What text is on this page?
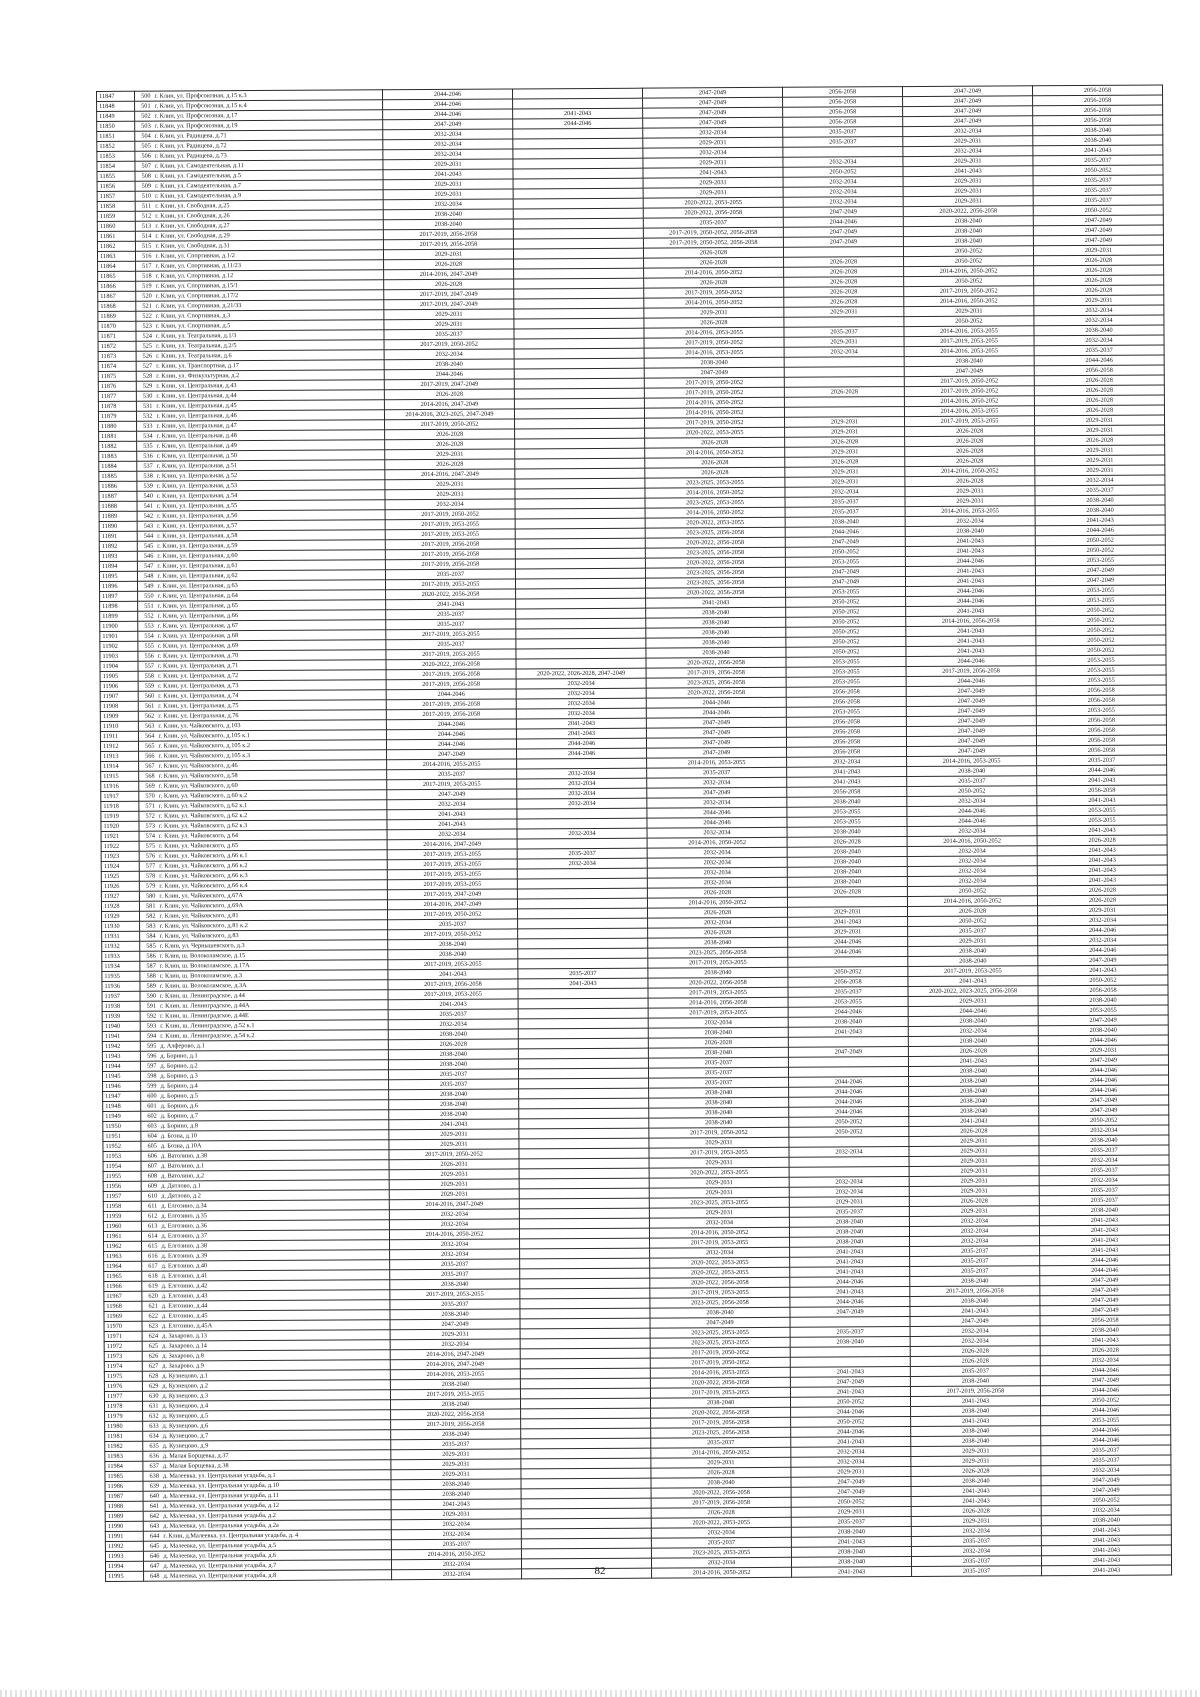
11847	500	г. Клин, ул. Профсоюзная, д.15 к.3	2044-2046		2047-2049	2056-2058	2047-2049	2056-2058
11848	501	г. Клин, ул. Профсоюзная, д.15 к.4	2044-2046		2047-2049	2056-2058	2047-2049	2056-2058
11849	502	г. Клин, ул. Профсоюзная, д.17	2044-2046	2041-2043	2047-2049	2056-2058	2047-2049	2056-2058
11850	503	г. Клин, ул. Профсоюзная, д.19	2047-2049	2044-2046	2047-2049	2056-2058	2047-2049	2056-2058
11851	504	г. Клин, ул. Радищева, д.71	2032-2034		2032-2034	2035-2037	2032-2034	2038-2040
11852	505	г. Клин, ул. Радищева, д.72	2032-2034		2029-2031	2035-2037	2029-2031	2038-2040
11853	506	г. Клин, ул. Радищева, д.73	2032-2034		2032-2034		2032-2034	2041-2043
11854	507	г. Клин, ул. Самодеятельная, д.11	2029-2031		2029-2031	2032-2034	2029-2031	2035-2037
11855	508	г. Клин, ул. Самодеятельная, д.5	2041-2043		2041-2043	2050-2052	2041-2043	2050-2052
11856	509	г. Клин, ул. Самодеятельная, д.7	2029-2031		2029-2031	2032-2034	2029-2031	2035-2037
11857	510	г. Клин, ул. Самодеятельная, д.9	2029-2031		2029-2031	2032-2034	2029-2031	2035-2037
11858	511	г. Клин, ул. Свободная, д.25	2032-2034		2020-2022, 2053-2055	2032-2034	2029-2031	2035-2037
11859	512	г. Клин, ул. Свободная, д.26	2038-2040		2020-2022, 2056-2058	2047-2049	2020-2022, 2056-2058	2050-2052
11860	513	г. Клин, ул. Свободная, д.27	2038-2040		2035-2037	2044-2046	2038-2040	2047-2049
11861	514	г. Клин, ул. Свободная, д.29	2017-2019, 2056-2058		2017-2019, 2050-2052, 2056-2058	2047-2049	2038-2040	2047-2049
11862	515	г. Клин, ул. Свободная, д.31	2017-2019, 2056-2058		2017-2019, 2050-2052, 2056-2058	2047-2049	2038-2040	2047-2049
11863	516	г. Клин, ул. Спортивная, д.1/2	2029-2031		2026-2028		2050-2052	2029-2031
11864	517	г. Клин, ул. Спортивная, д.11/23	2026-2028		2026-2028	2026-2028	2050-2052	2026-2028
11865	518	г. Клин, ул. Спортивная, д.12	2014-2016, 2047-2049		2014-2016, 2050-2052	2026-2028	2014-2016, 2050-2052	2026-2028
11866	519	г. Клин, ул. Спортивная, д.15/1	2026-2028		2026-2028	2026-2028	2050-2052	2026-2028
11867	520	г. Клин, ул. Спортивная, д.17/2	2017-2019, 2047-2049		2017-2019, 2050-2052	2026-2028	2017-2019, 2050-2052	2026-2028
11868	521	г. Клин, ул. Спортивная, д.21/33	2017-2019, 2047-2049		2014-2016, 2050-2052	2026-2028	2014-2016, 2050-2052	2029-2031
11869	522	г. Клин, ул. Спортивная, д.3	2029-2031		2029-2031	2029-2031	2029-2031	2032-2034
11870	523	г. Клин, ул. Спортивная, д.5	2029-2031		2026-2028		2050-2052	2032-2034
11871	524	г. Клин, ул. Театральная, д.1/3	2035-2037		2014-2016, 2053-2055	2035-2037	2014-2016, 2053-2055	2038-2040
11872	525	г. Клин, ул. Театральная, д.2/5	2017-2019, 2050-2052		2017-2019, 2050-2052	2029-2031	2017-2019, 2053-2055	2032-2034
11873	526	г. Клин, ул. Театральная, д.6	2032-2034		2014-2016, 2053-2055	2032-2034	2014-2016, 2053-2055	2035-2037
11874	527	г. Клин, ул. Транспортная, д.17	2038-2040		2038-2040		2038-2040	2044-2046
11875	528	г. Клин, ул. Физкультурная, д.2	2044-2046		2047-2049		2047-2049	2056-2058
11876	529	г. Клин, ул. Центральная, д.43	2017-2019, 2047-2049		2017-2019, 2050-2052		2017-2019, 2050-2052	2026-2028
11877	530	г. Клин, ул. Центральная, д.44	2026-2028		2017-2019, 2050-2052	2026-2028	2017-2019, 2050-2052	2026-2028
11878	531	г. Клин, ул. Центральная, д.45	2014-2016, 2047-2049		2014-2016, 2050-2052		2014-2016, 2050-2052	2026-2028
11879	532	г. Клин, ул. Центральная, д.46	2014-2016, 2023-2025, 2047-2049		2014-2016, 2050-2052		2014-2016, 2053-2055	2026-2028
11880	533	г. Клин, ул. Центральная, д.47	2017-2019, 2050-2052		2017-2019, 2050-2052	2029-2031	2017-2019, 2053-2055	2029-2031
11881	534	г. Клин, ул. Центральная, д.48	2026-2028		2020-2022, 2053-2055	2029-2031	2026-2028	2029-2031
11882	535	г. Клин, ул. Центральная, д.49	2026-2028		2026-2028	2026-2028	2026-2028	2026-2028
11883	536	г. Клин, ул. Центральная, д.50	2029-2031		2014-2016, 2050-2052	2029-2031	2026-2028	2029-2031
11884	537	г. Клин, ул. Центральная, д.51	2026-2028		2026-2028	2026-2028	2026-2028	2029-2031
11885	538	г. Клин, ул. Центральная, д.52	2014-2016, 2047-2049		2026-2028	2029-2031	2014-2016, 2050-2052	2029-2031
11886	539	г. Клин, ул. Центральная, д.53	2029-2031		2023-2025, 2053-2055	2029-2031	2026-2028	2032-2034
11887	540	г. Клин, ул. Центральная, д.54	2029-2031		2014-2016, 2050-2052	2032-2034	2029-2031	2035-2037
11888	541	г. Клин, ул. Центральная, д.55	2032-2034		2023-2025, 2053-2055	2035-2037	2029-2031	2038-2040
11889	542	г. Клин, ул. Центральная, д.56	2017-2019, 2050-2052		2014-2016, 2050-2052	2035-2037	2014-2016, 2053-2055	2038-2040
11890	543	г. Клин, ул. Центральная, д.57	2017-2019, 2053-2055		2020-2022, 2053-2055	2038-2040	2032-2034	2041-2043
11891	544	г. Клин, ул. Центральная, д.58	2017-2019, 2053-2055		2023-2025, 2056-2058	2044-2046	2038-2040	2044-2046
11892	545	г. Клин, ул. Центральная, д.59	2017-2019, 2056-2058		2020-2022, 2056-2058	2047-2049	2041-2043	2050-2052
11893	546	г. Клин, ул. Центральная, д.60	2017-2019, 2056-2058		2023-2025, 2056-2058	2050-2052	2041-2043	2050-2052
11894	547	г. Клин, ул. Центральная, д.61	2017-2019, 2056-2058		2020-2022, 2056-2058	2053-2055	2044-2046	2053-2055
11895	548	г. Клин, ул. Центральная, д.62	2035-2037		2023-2025, 2056-2058	2047-2049	2041-2043	2047-2049
11896	549	г. Клин, ул. Центральная, д.63	2017-2019, 2053-2055		2023-2025, 2056-2058	2047-2049	2041-2043	2047-2049
11897	550	г. Клин, ул. Центральная, д.64	2020-2022, 2056-2058		2020-2022, 2056-2058	2053-2055	2044-2046	2053-2055
11898	551	г. Клин, ул. Центральная, д.65	2041-2043		2041-2043	2050-2052	2044-2046	2053-2055
11899	552	г. Клин, ул. Центральная, д.66	2035-2037		2038-2040	2050-2052	2041-2043	2050-2052
11900	553	г. Клин, ул. Центральная, д.67	2035-2037		2038-2040	2050-2052	2014-2016, 2056-2058	2050-2052
11901	554	г. Клин, ул. Центральная, д.68	2017-2019, 2053-2055		2038-2040	2050-2052	2041-2043	2050-2052
11902	555	г. Клин, ул. Центральная, д.69	2035-2037		2038-2040	2050-2052	2041-2043	2050-2052
11903	556	г. Клин, ул. Центральная, д.70	2017-2019, 2053-2055		2038-2040	2050-2052	2041-2043	2050-2052
11904	557	г. Клин, ул. Центральная, д.71	2020-2022, 2056-2058		2020-2022, 2056-2058	2053-2055	2044-2046	2053-2055
11905	558	г. Клин, ул. Центральная, д.72	2017-2019, 2056-2058	2020-2022, 2026-2028, 2047-2049	2017-2019, 2056-2058	2053-2055	2017-2019, 2056-2058	2053-2055
11906	559	г. Клин, ул. Центральная, д.73	2017-2019, 2056-2058	2032-2034	2023-2025, 2056-2058	2053-2055	2044-2046	2053-2055
11907	560	г. Клин, ул. Центральная, д.74	2044-2046	2032-2034	2020-2022, 2056-2058	2056-2058	2047-2049	2056-2058
11908	561	г. Клин, ул. Центральная, д.75	2017-2019, 2056-2058	2032-2034	2044-2046	2056-2058	2047-2049	2056-2058
11909	562	г. Клин, ул. Центральная, д.76	2017-2019, 2056-2058	2032-2034	2044-2046	2053-2055	2047-2049	2053-2055
11910	563	г. Клин, ул. Чайковского, д.103	2044-2046	2041-2043	2047-2049	2056-2058	2047-2049	2056-2058
11911	564	г. Клин, ул. Чайковского, д.105 к.1	2044-2046	2041-2043	2047-2049	2056-2058	2047-2049	2056-2058
11912	565	г. Клин, ул. Чайковского, д.105 к.2	2044-2046	2044-2046	2047-2049	2056-2058	2047-2049	2056-2058
11913	566	г. Клин, ул. Чайковского, д.105 к.3	2047-2049	2044-2046	2047-2049	2056-2058	2047-2049	2056-2058
11914	567	г. Клин, ул. Чайковского, д.46	2014-2016, 2053-2055		2014-2016, 2053-2055	2032-2034	2014-2016, 2053-2055	2035-2037
11915	568	г. Клин, ул. Чайковского, д.58	2035-2037	2032-2034	2035-2037	2041-2043	2038-2040	2044-2046
11916	569	г. Клин, ул. Чайковского, д.60	2017-2019, 2053-2055	2032-2034	2032-2034	2041-2043	2035-2037	2041-2043
11917	570	г. Клин, ул. Чайковского, д.60 к.2	2047-2049	2032-2034	2047-2049	2056-2058	2050-2052	2056-2058
11918	571	г. Клин, ул. Чайковского, д.62 к.1	2032-2034	2032-2034	2032-2034	2038-2040	2032-2034	2041-2043
11919	572	г. Клин, ул. Чайковского, д.62 к.2	2041-2043		2044-2046	2053-2055	2044-2046	2053-2055
11920	573	г. Клин, ул. Чайковского, д.62 к.3	2041-2043		2044-2046	2053-2055	2044-2046	2053-2055
11921	574	г. Клин, ул. Чайковского, д.64	2032-2034	2032-2034	2032-2034	2038-2040	2032-2034	2041-2043
11922	575	г. Клин, ул. Чайковского, д.65	2014-2016, 2047-2049		2014-2016, 2050-2052	2026-2028	2014-2016, 2050-2052	2026-2028
11923	576	г. Клин, ул. Чайковского, д.66 к.1	2017-2019, 2053-2055	2035-2037	2032-2034	2038-2040	2032-2034	2041-2043
11924	577	г. Клин, ул. Чайковского, д.66 к.2	2017-2019, 2053-2055	2032-2034	2032-2034	2038-2040	2032-2034	2041-2043
11925	578	г. Клин, ул. Чайковского, д.66 к.3	2017-2019, 2053-2055		2032-2034	2038-2040	2032-2034	2041-2043
11926	579	г. Клин, ул. Чайковского, д.66 к.4	2017-2019, 2053-2055		2032-2034	2038-2040	2032-2034	2041-2043
11927	580	г. Клин, ул. Чайковского, д.67А	2017-2019, 2047-2049		2026-2028	2026-2028	2050-2052	2026-2028
11928	581	г. Клин, ул. Чайковского, д.69А	2014-2016, 2047-2049		2014-2016, 2050-2052		2014-2016, 2050-2052	2026-2028
11929	582	г. Клин, ул. Чайковского, д.81	2017-2019, 2050-2052		2026-2028	2029-2031	2026-2028	2029-2031
11930	583	г. Клин, ул. Чайковского, д.81 к.2	2035-2037		2032-2034	2041-2043	2050-2052	2032-2034
11931	584	г. Клин, ул. Чайковского, д.83	2017-2019, 2050-2052		2026-2028	2029-2031	2035-2037	2044-2046
11932	585	г. Клин, ул. Чернышевского, д.3	2038-2040		2038-2040	2044-2046	2029-2031	2032-2034
11933	586	г. Клин, ш. Волоколамское, д.15	2038-2040		2023-2025, 2056-2058	2044-2046	2038-2040	2044-2046
11934	587	г. Клин, ш. Волоколамское, д.17А	2017-2019, 2053-2055		2017-2019, 2053-2055		2038-2040	2047-2049
11935	588	г. Клин, ш. Волоколамское, д.3	2041-2043	2035-2037	2038-2040	2050-2052	2017-2019, 2053-2055	2041-2043
11936	589	г. Клин, ш. Волоколамское, д.3А	2017-2019, 2056-2058	2041-2043	2020-2022, 2056-2058	2056-2058	2041-2043	2050-2052
11937	590	г. Клин, ш. Ленинградское, д.44	2017-2019, 2053-2055		2017-2019, 2053-2055	2035-2037	2020-2022, 2023-2025, 2056-2058	2056-2058
11938	591	г. Клин, ш. Ленинградское, д.44А	2041-2043		2014-2016, 2056-2058	2053-2055	2029-2031	2038-2040
11939	592	г. Клин, ш. Ленинградское, д.44Е	2035-2037		2017-2019, 2053-2055	2044-2046	2044-2046	2053-2055
11940	593	г. Клин, ш. Ленинградское, д.52 к.1	2032-2034		2032-2034	2038-2040	2038-2040	2047-2049
11941	594	г. Клин, ш. Ленинградское, д.54 к.2	2038-2040		2038-2040	2041-2043	2032-2034	2038-2040
11942	595	д. Алферово, д.1	2026-2028		2026-2028		2038-2040	2044-2046
11943	596	д. Борино, д.1	2038-2040		2038-2040	2047-2049	2026-2028	2029-2031
11944	597	д. Борино, д.2	2038-2040		2035-2037		2041-2043	2047-2049
11945	598	д. Борино, д.3	2035-2037		2035-2037		2038-2040	2044-2046
11946	599	д. Борино, д.4	2035-2037		2035-2037	2044-2046	2038-2040	2044-2046
11947	600	д. Борино, д.5	2038-2040		2038-2040	2044-2046	2038-2040	2044-2046
11948	601	д. Борино, д.6	2038-2040		2038-2040	2044-2046	2038-2040	2047-2049
11949	602	д. Борино, д.7	2038-2040		2038-2040	2044-2046	2038-2040	2047-2049
11950	603	д. Борино, д.8	2041-2043		2038-2040	2050-2052	2041-2043	2050-2052
11951	604	д. Бозна, д.10	2029-2031		2017-2019, 2050-2052	2050-2052	2026-2028	2032-2034
11952	605	д. Бозна, д.10А	2029-2031		2029-2031		2029-2031	2038-2040
11953	606	д. Ватолино, д.38	2017-2019, 2050-2052		2017-2019, 2053-2055	2032-2034	2029-2031	2035-2037
11954	607	д. Ватолино, д.1	2026-2031		2029-2031		2029-2031	2032-2034
11955	608	д. Ватолино, д.2	2029-2031		2020-2022, 2053-2055		2029-2031	2035-2037
11956	609	д. Дятлово, д.1	2029-2031		2029-2031	2032-2034	2029-2031	2032-2034
11957	610	д. Дятлово, д.2	2029-2031		2029-2031	2032-2034	2029-2031	2035-2037
11958	611	д. Елгозино, д.34	2014-2016, 2047-2049		2023-2025, 2053-2055	2029-2031	2026-2028	2035-2037
11959	612	д. Елгозино, д.35	2032-2034		2029-2031	2035-2037	2029-2031	2038-2040
11960	613	д. Елгозино, д.36	2032-2034		2032-2034	2038-2040	2032-2034	2041-2043
11961	614	д. Елгозино, д.37	2014-2016, 2050-2052		2014-2016, 2050-2052	2038-2040	2032-2034	2041-2043
11962	615	д. Елгозино, д.38	2032-2034		2017-2019, 2053-2055	2038-2040	2032-2034	2041-2043
11963	616	д. Елгозино, д.39	2032-2034		2032-2034	2041-2043	2035-2037	2041-2043
11964	617	д. Елгозино, д.40	2035-2037		2020-2022, 2053-2055	2041-2043	2035-2037	2044-2046
11965	618	д. Елгозино, д.41	2035-2037		2020-2022, 2053-2055	2041-2043	2035-2037	2044-2046
11966	619	д. Елгозино, д.42	2038-2040		2020-2022, 2056-2058	2044-2046	2038-2040	2047-2049
11967	620	д. Елгозино, д.43	2017-2019, 2053-2055		2017-2019, 2053-2055	2041-2043	2017-2019, 2056-2058	2047-2049
11968	621	д. Елгозино, д.44	2035-2037		2023-2025, 2056-2058	2044-2046	2038-2040	2047-2049
11969	622	д. Елгозино, д.45	2038-2040		2038-2040	2047-2049	2041-2043	2047-2049
11970	623	д. Елгозино, д.45А	2047-2049		2047-2049		2047-2049	2056-2058
11971	624	д. Захарово, д.13	2029-2031		2023-2025, 2053-2055	2035-2037	2032-2034	2038-2040
11972	625	д. Захарово, д.14	2032-2034		2023-2025, 2053-2055	2038-2040	2032-2034	2041-2043
11973	626	д. Захарово, д.8	2014-2016, 2047-2049		2017-2019, 2050-2052		2026-2028	2026-2028
11974	627	д. Захарово, д.9	2014-2016, 2047-2049		2017-2019, 2050-2052		2026-2028	2032-2034
11975	628	д. Кузнецово, д.1	2014-2016, 2053-2055		2014-2016, 2053-2055	2041-2043	2035-2037	2044-2046
11976	629	д. Кузнецово, д.2	2038-2040		2020-2022, 2056-2058	2047-2049	2038-2040	2047-2049
11977	630	д. Кузнецово, д.3	2017-2019, 2053-2055		2017-2019, 2053-2055	2041-2043	2017-2019, 2056-2058	2044-2046
11978	631	д. Кузнецово, д.4	2038-2040		2038-2040	2050-2052	2041-2043	2050-2052
11979	632	д. Кузнецово, д.5	2020-2022, 2056-2058		2020-2022, 2056-2058	2044-2046	2038-2040	2044-2046
11980	633	д. Кузнецово, д.6	2017-2019, 2056-2058		2017-2019, 2056-2058	2050-2052	2041-2043	2053-2055
11981	634	д. Кузнецово, д.7	2038-2040		2023-2025, 2056-2058	2044-2046	2038-2040	2044-2046
11982	635	д. Кузнецово, д.9	2035-2037		2035-2037	2041-2043	2038-2040	2044-2046
11983	636	д. Малая Борщевка, д.37	2029-2031		2014-2016, 2050-2052	2032-2034	2029-2031	2035-2037
11984	637	д. Малая Борщевка, д.38	2029-2031		2029-2031	2032-2034	2029-2031	2035-2037
11985	638	д. Малеевка, ул. Центральная усадьба, д.1	2029-2031		2026-2028	2029-2031	2026-2028	2032-2034
11986	639	д. Малеевка, ул. Центральная усадьба, д.10	2038-2040		2038-2040	2047-2049	2038-2040	2047-2049
11987	640	д. Малеевка, ул. Центральная усадьба, д.11	2038-2040		2020-2022, 2056-2058	2047-2049	2041-2043	2047-2049
11988	641	д. Малеевка, ул. Центральная усадьба, д.12	2041-2043		2017-2019, 2056-2058	2050-2052	2041-2043	2050-2052
11989	642	д. Малеевка, ул. Центральная усадьба, д.2	2029-2031		2026-2028	2029-2031	2026-2028	2032-2034
11990	643	д. Малеевка, ул. Центральная усадьба, д.2а	2032-2034		2020-2022, 2053-2055	2035-2037	2029-2031	2038-2040
11991	644	г. Клин, д.Малеевка, ул. Центральная усадьба, д. 4	2032-2034		2032-2034	2038-2040	2032-2034	2041-2043
11992	645	д. Малеевка, ул. Центральная усадьба, д.5	2035-2037		2035-2037	2041-2043	2035-2037	2041-2043
11993	646	д. Малеевка, ул. Центральная усадьба, д.6	2014-2016, 2050-2052		2023-2025, 2053-2055	2038-2040	2032-2034	2041-2043
11994	647	д. Малеевка, ул. Центральная усадьба, д.7	2032-2034		2032-2034	2038-2040	2035-2037	2041-2043
11995	648	д. Малеевка, ул. Центральная усадьба, д.8	2032-2034		2014-2016, 2050-2052	2041-2043	2035-2037	2041-2043
82
